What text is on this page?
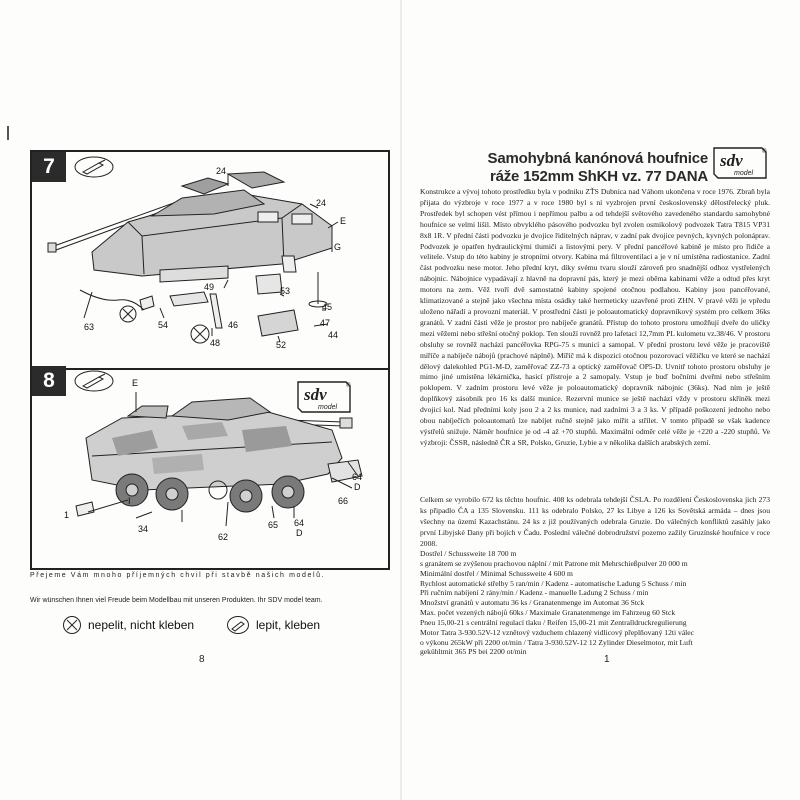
7	24
24
E
G
49	53
45
47
63	54	46
48	52
44
8
sdv
model
®
E
1
I
34
62
65 64
D
64
D
66
Přejeme Vám mnoho příjemných chvil při stavbě našich modelů.
Wir wünschen Ihnen viel Freude beim Modellbau mit unseren Produkten. Ihr SDV model team.
nepelit, nicht kleben	lepit, kleben
8
Samohybná kanónová houfnice
ráže 152mm ShKH vz. 77 DANA
sdv
model
®

Konstrukce a vývoj tohoto prostředku byla v podniku ZŤS Dubnica nad Váhom ukončena v roce 1976. Zbraň byla přijata do výzbroje v roce 1977 a v roce 1980 byl s ní vyzbrojen první československý dělostřelecký pluk. Prostředek byl schopen vést přímou i nepřímou palbu a od tehdejší světového zavedeného standardu samohybné houfnice se velmi lišil. Místo obvyklého pásového podvozku byl zvolen osmikolový podvozek Tatra T815 VP31 8x8 1R. V přední části podvozku je dvojice řiditelných náprav, v zadní pak dvojice pevných, kyvných polonáprav. Podvozek je opatřen hydraulickými tlumiči a listovými pery. V přední pancéřové kabině je místo pro řidiče a velitele. Vstup do této kabiny je stropními otvory. Kabina má filtroventilaci a je v ní umístěna radiostanice. Zadní část podvozku nese motor. Jeho přední kryt, díky svému tvaru slouží zároveň pro snadnější odhoz vystřelených nábojnic. Nábojnice vypadávají z hlavně na dopravní pás, který je mezi oběma kabinami věže a odtud přes kryt motoru na zem. Věž tvoří dvě samostatné kabiny spojené otočnou podlahou. Kabiny jsou pancéřované, klimatizované a stejně jako všechna místa osádky také hermeticky uzavřené proti ZHN. V pravé věži je vpředu uloženo nářadí a provozní materiál. V prostřední části je poloautomatický dopravníkový systém pro celkem 36ks granátů. V zadní části věže je prostor pro nabíječe granátů. Přístup do tohoto prostoru umožňují dveře do uličky mezi věžemi nebo střešní otočný poklop. Ten slouží rovněž pro lafetaci 12,7mm PL kulometu vz.38/46. V prostoru obsluhy se rovněž nachází pancéřovka RPG-75 s municí a samopal. V přední prostoru levé věže je pracoviště míříče a nabíječe nábojů (prachové náplně). Míříč má k dispozici otočnou pozorovací věžičku ve které se nachází dělový dalekohled PG1-M-D, zaměřovač ZZ-73 a optický zaměřovač OP5-D. Uvnitř tohoto prostoru obsluhy je mimo jiné umístěna lékárnička, hasicí přístroje a 2 samopaly. Vstup je buď bočními dveřmi nebo střešním poklopem. V zadním prostoru levé věže je poloautomatický dopravník nábojnic (36ks). Nad ním je ještě doplňkový zásobník pro 16 ks další munice. Rezervní munice se ještě nachází vždy v prostoru skříněk mezi dvojicí kol. Nad předními koly jsou 2 a 2 ks munice, nad zadními 3 a 3 ks. V případě poškození jednoho nebo obou nabíječích poloautomatů lze nabíjet ručně stejně jako mířit a střílet. V tomto případě se však kadence výstřelů snižuje. Náměr houfnice je od -4 až +70 stupňů. Maximální odměr celé věže je +220 a -220 stupňů. Ve výzbroji: ČSSR, následně ČR a SR, Polsko, Gruzie, Lybie a v několika dalších arabských zemí.

Celkem se vyrobilo 672 ks těchto houfnic. 408 ks odebrala tehdejší ČSLA. Po rozdělení Československa jich 273 ks připadlo ČA a 135 Slovensku. 111 ks odebralo Polsko, 27 ks Libye a 126 ks Sovětská armáda – dnes jsou všechny na území Kazachstánu. 24 ks z již používaných odebrala Gruzie. Do válečných konfliktů zasáhly jako první Libyjské Dany při bojích v Čadu. Poslední válečné dobrodružství pozemo zažily Gruzínské houfnice v roce 2008.

Dostřel / Schussweite 18 700 m
s granátem se zvýšenou prachovou náplní / mit Patrone mit Mehrschießpulver 20 000 m
Minimální dostřel / Minimal Schussweite 4 600 m
Rychlost automatické střelby 5 ran/min / Kadenz - automatische Ladung 5 Schuss / min
Při ručním nabíjení 2 rány/min / Kadenz - manuelle Ladung 2 Schuss / min
Množství granátů v automatu 36 ks / Granatenmenge im Automat 36 Stck
Max. počet vezených nábojů 60ks / Maximale Granatenmenge im Fahrzeug 60 Stck
Pneu 15,00-21 s centrální regulací tlaku / Reifen 15,00-21 mit Zentralldruckregulierung
Motor Tatra 3-930.52V-12 vznětový vzduchem chlazený vidlicový přeplňovaný 12ti válec
o výkonu 265kW při 2200 ot/min / Tatra 3-930.52V-12 12 Zylinder Dieselmotor, mit Luft
gekühltmit 365 PS bei 2200 ot/min
1
